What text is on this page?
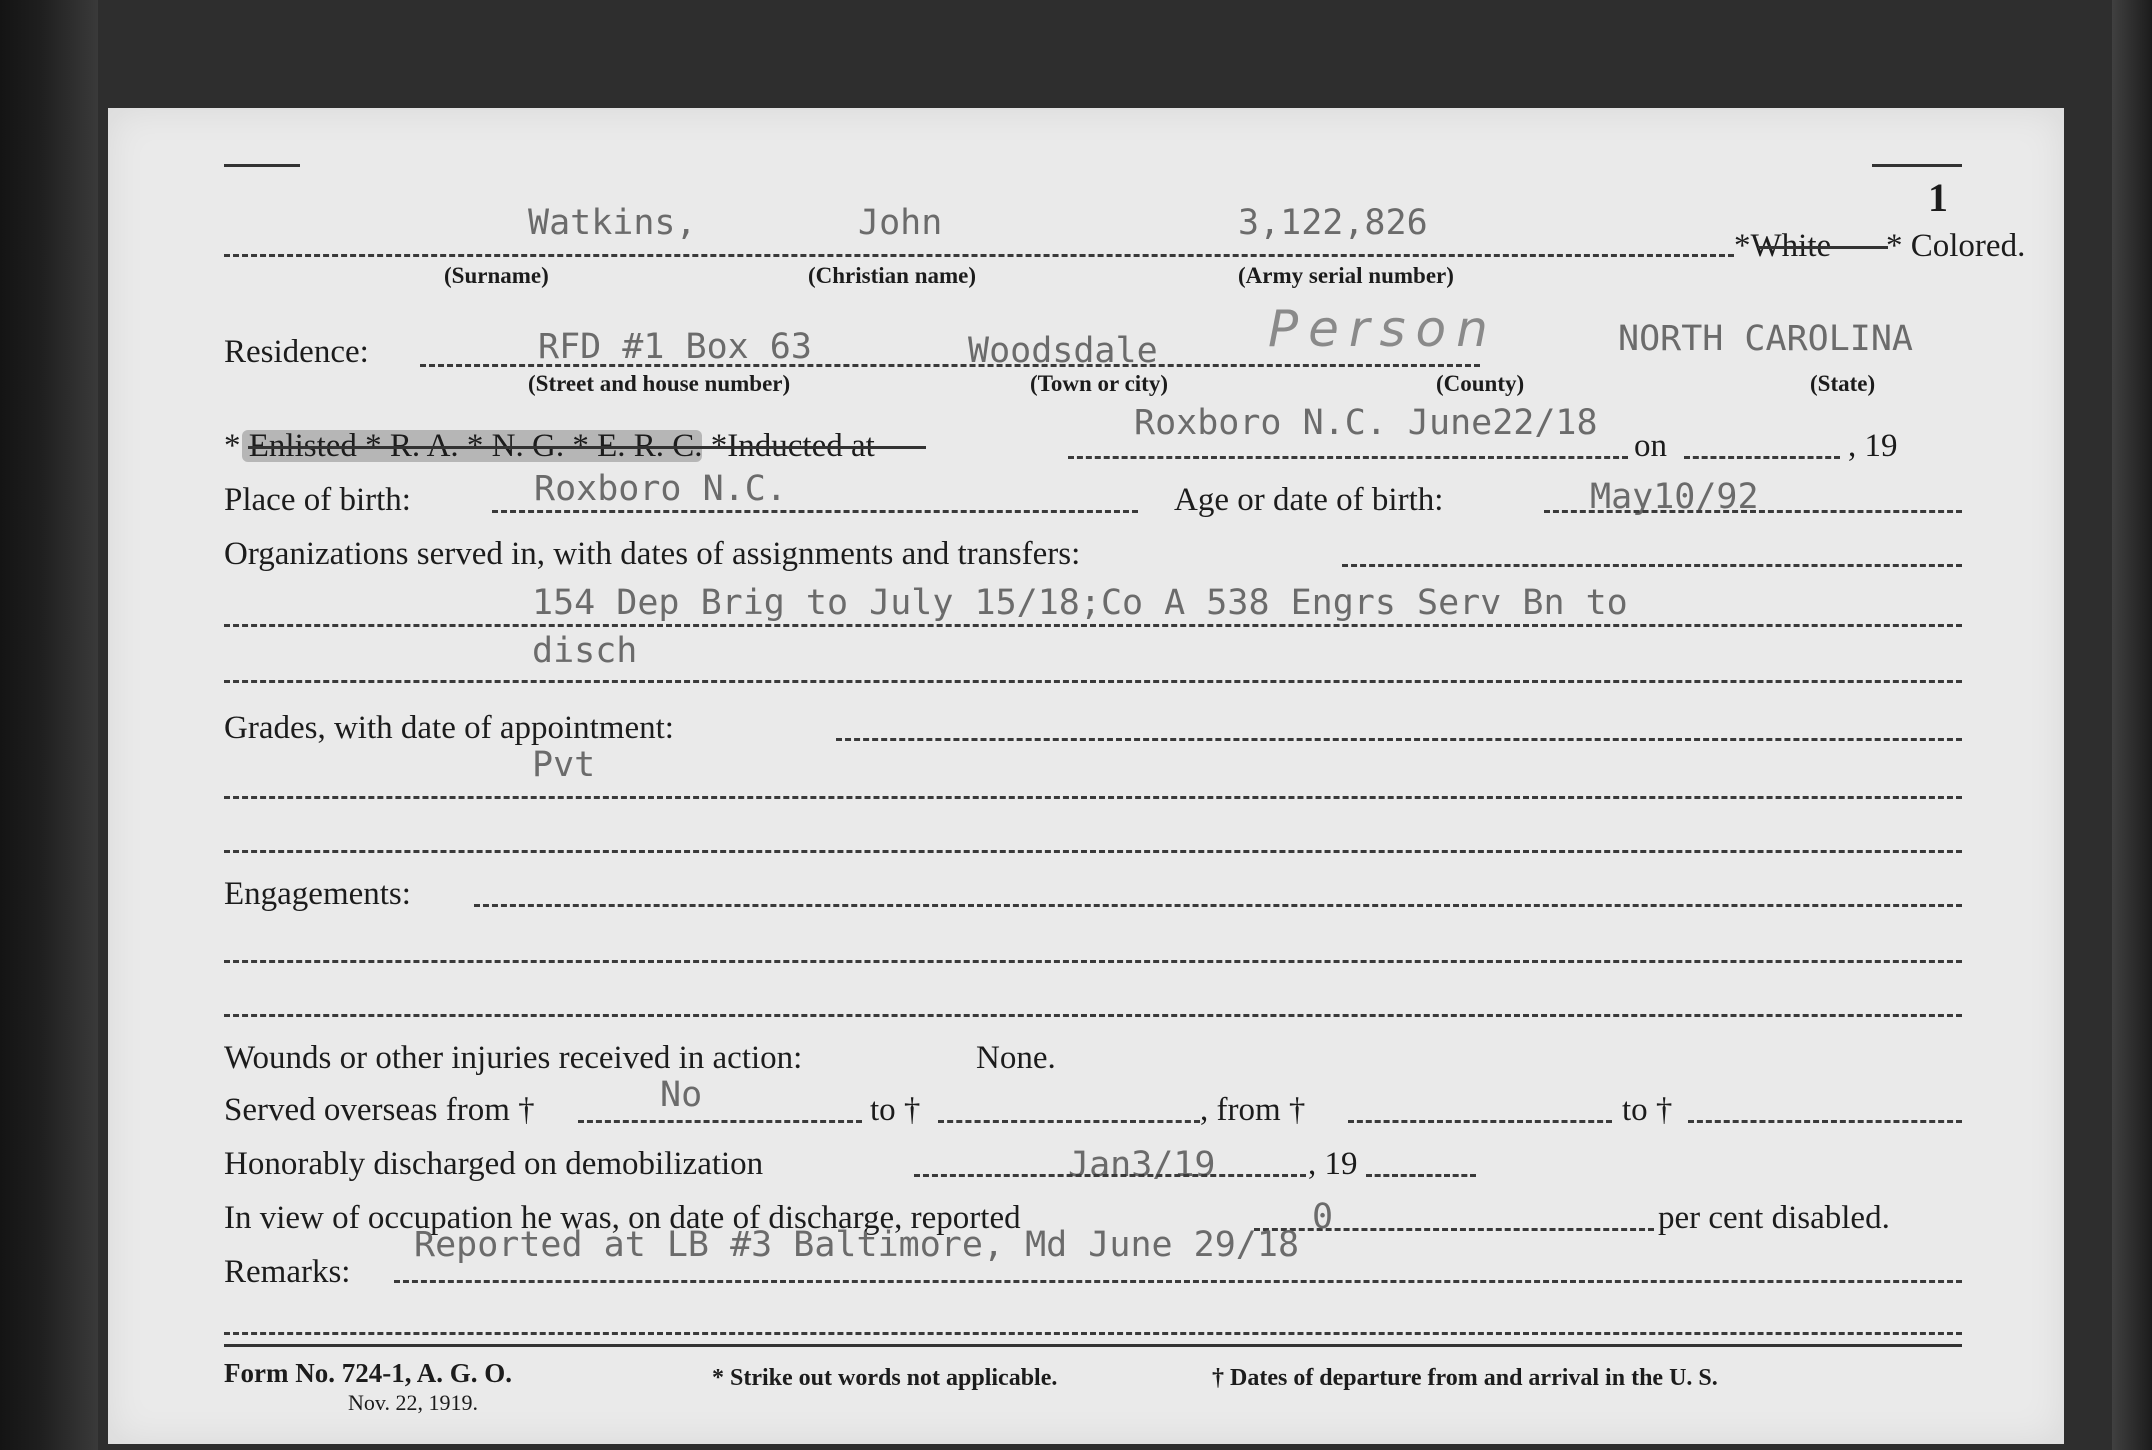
1
Watkins,	John	3,122,826
*White * Colored.
(Surname)	(Christian name)	(Army serial number)
Residence:	RFD #1 Box 63	Woodsdale Person	NORTH CAROLINA
(Street and house number)	(Town or city)	(County)	(State)
* Enlisted * R. A. * N. G. * E. R. C. *Inducted at
Roxboro N.C. June22/18
on	, 19
Place of birth:	Roxboro N.C.	Age or date of birth:	May10/92
Organizations served in, with dates of assignments and transfers:
154 Dep Brig to July 15/18;Co A 538 Engrs Serv Bn to
disch
Grades, with date of appointment:
Pvt
Engagements:
Wounds or other injuries received in action:	None.
Served overseas from †	No	to †	, from †	to †
Honorably discharged on demobilization	Jan3/19	, 19
In view of occupation he was, on date of discharge, reported	0	per cent disabled.
Remarks:
Reported at LB #3 Baltimore, Md June 29/18
Form No. 724-1, A. G. O.
Nov. 22, 1919.
* Strike out words not applicable.	† Dates of departure from and arrival in the U. S.
